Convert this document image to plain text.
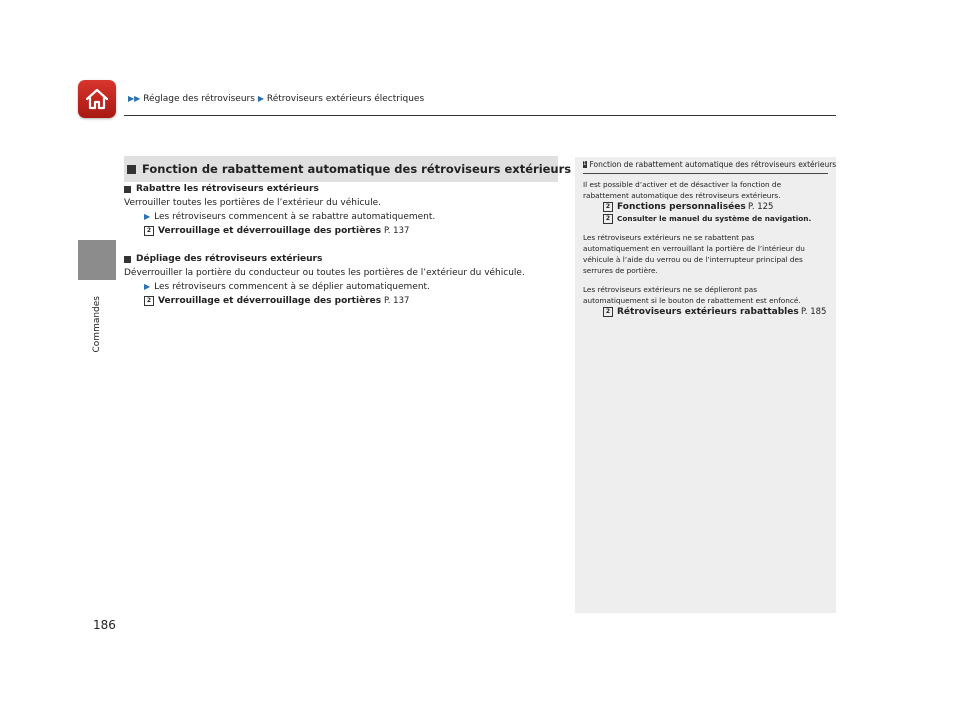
▶▶ Réglage des rétroviseurs ▶ Rétroviseurs extérieurs électriques
Commandes
Fonction de rabattement automatique des rétroviseurs extérieurs
Rabattre les rétroviseurs extérieurs
Verrouiller toutes les portières de l’extérieur du véhicule.
▶ Les rétroviseurs commencent à se rabattre automatiquement.
2 Verrouillage et déverrouillage des portières P. 137
Dépliage des rétroviseurs extérieurs
Déverrouiller la portière du conducteur ou toutes les portières de l’extérieur du véhicule.
▶ Les rétroviseurs commencent à se déplier automatiquement.
2 Verrouillage et déverrouillage des portières P. 137
1 Fonction de rabattement automatique des rétroviseurs extérieurs

Il est possible d’activer et de désactiver la fonction de

rabattement automatique des rétroviseurs extérieurs.

2 Fonctions personnalisées P. 125

2 Consulter le manuel du système de navigation.

Les rétroviseurs extérieurs ne se rabattent pas

automatiquement en verrouillant la portière de l’intérieur du

véhicule à l’aide du verrou ou de l’interrupteur principal des

serrures de portière.

Les rétroviseurs extérieurs ne se déplieront pas

automatiquement si le bouton de rabattement est enfoncé.

2 Rétroviseurs extérieurs rabattables P. 185

186
